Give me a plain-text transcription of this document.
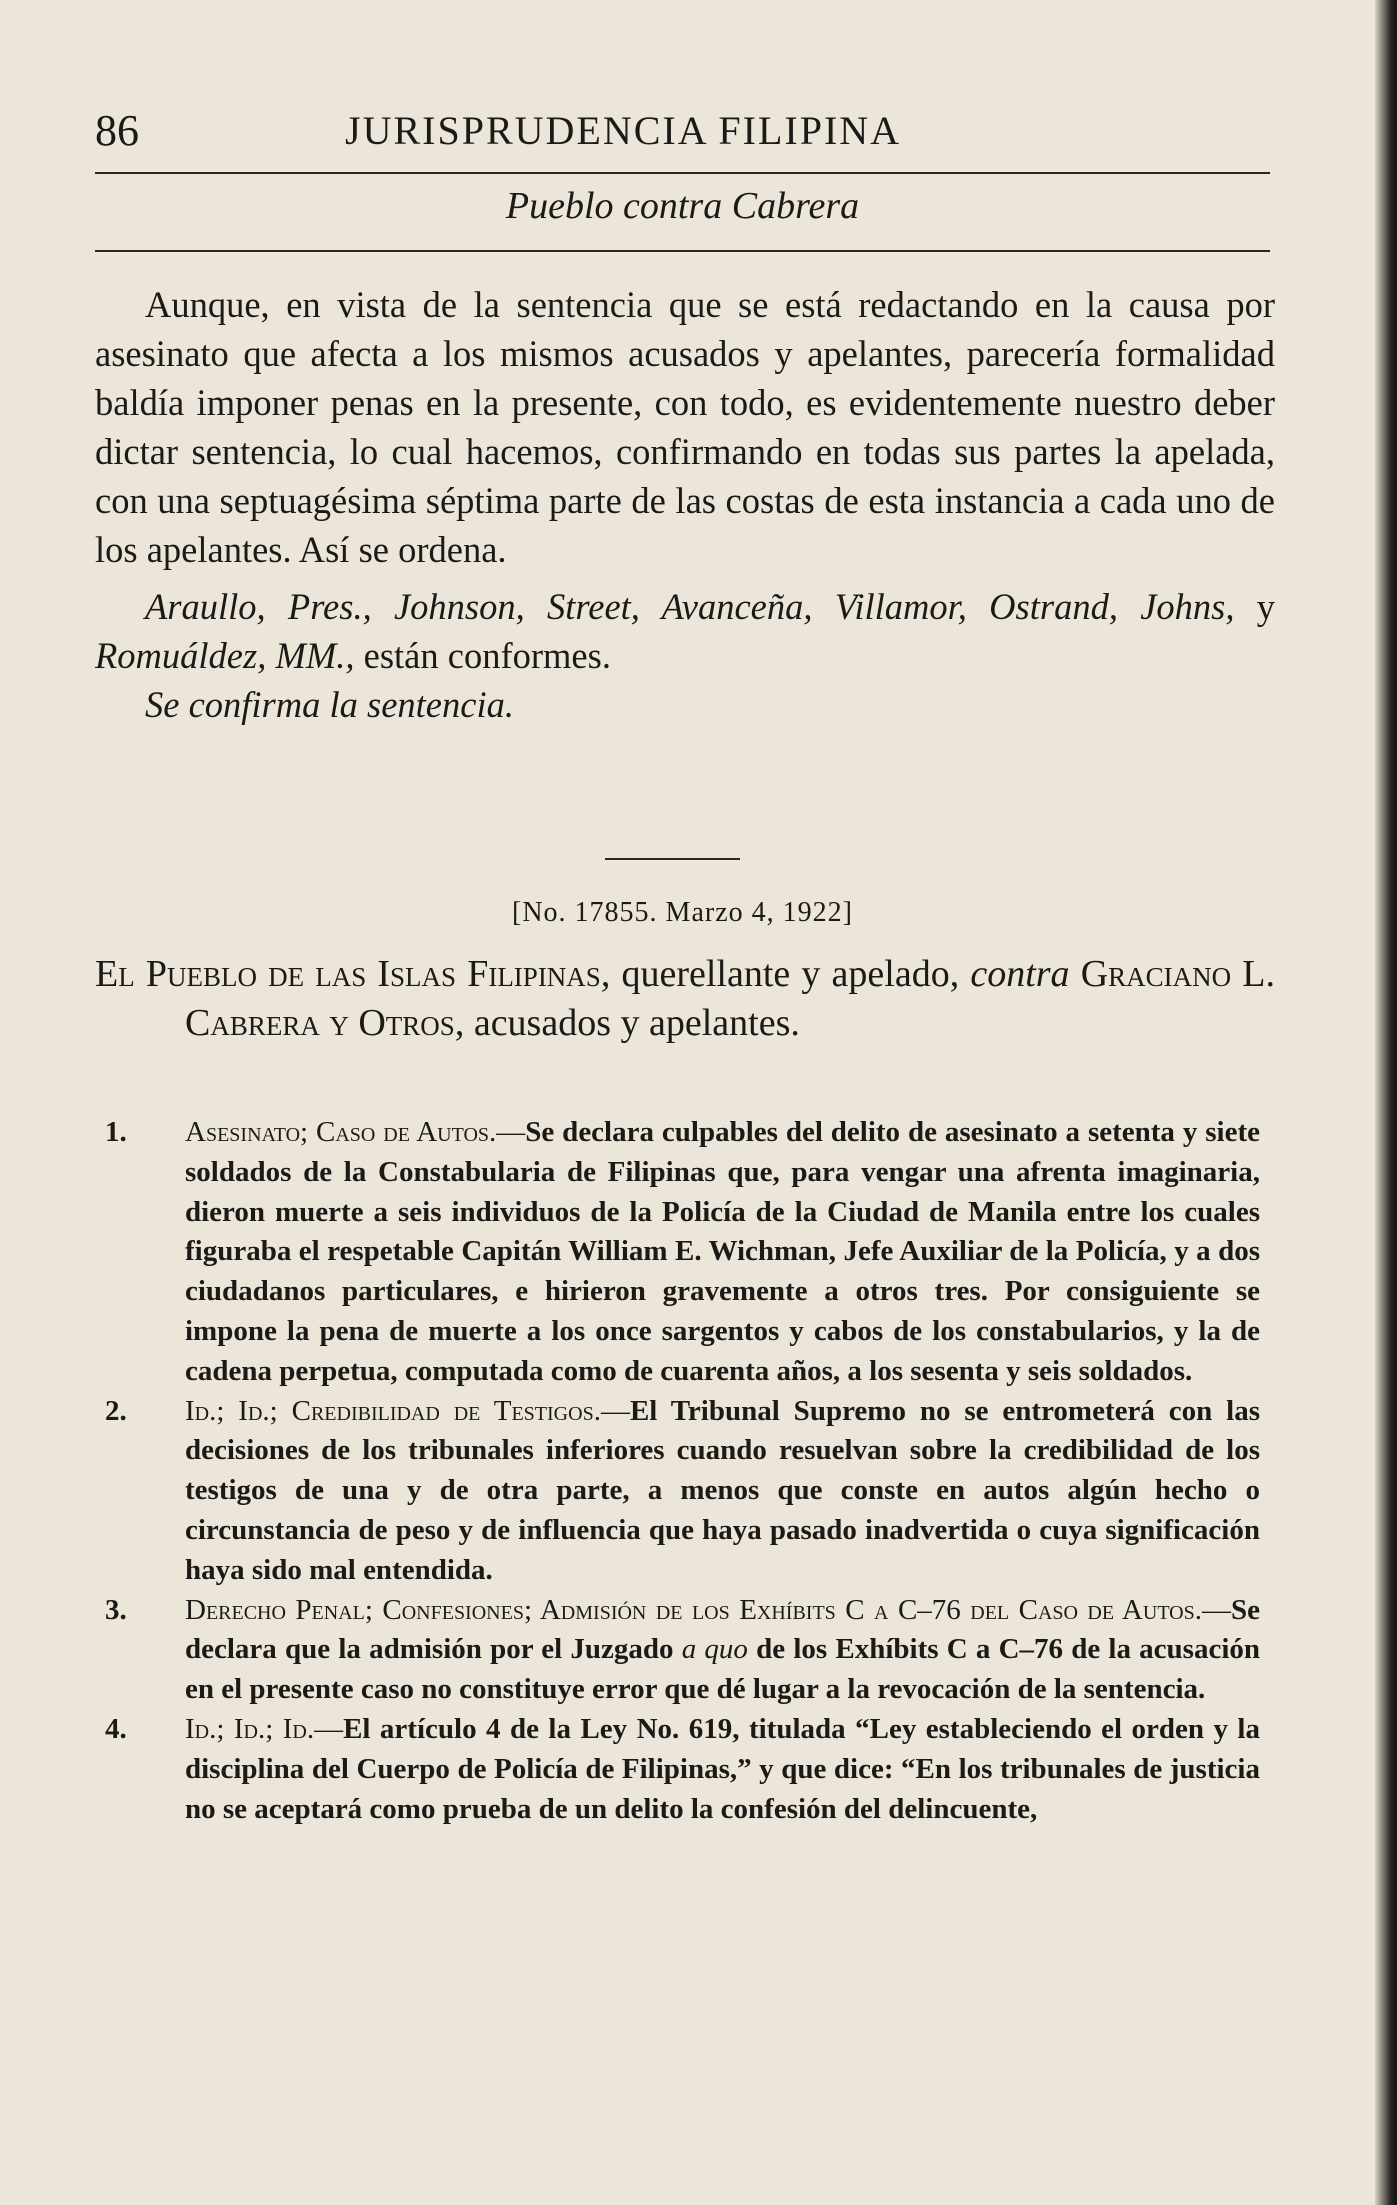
86	JURISPRUDENCIA FILIPINA
Pueblo contra Cabrera

Aunque, en vista de la sentencia que se está redactando en la causa por asesinato que afecta a los mismos acusados y apelantes, parecería formalidad baldía imponer penas en la presente, con todo, es evidentemente nuestro deber dictar sentencia, lo cual hacemos, confirmando en todas sus partes la apelada, con una septuagésima séptima parte de las costas de esta instancia a cada uno de los apelantes. Así se ordena.

Araullo, Pres., Johnson, Street, Avanceña, Villamor, Ostrand, Johns, y Romuáldez, MM., están conformes.

Se confirma la sentencia.

[No. 17855. Marzo 4, 1922]
El Pueblo de las Islas Filipinas, querellante y apelado, contra Graciano L. Cabrera y Otros, acusados y apelantes.

1.	Asesinato; Caso de Autos.—Se declara culpables del delito de asesinato a setenta y siete soldados de la Constabularia de Filipinas que, para vengar una afrenta imaginaria, dieron muerte a seis individuos de la Policía de la Ciudad de Manila entre los cuales figuraba el respetable Capitán William E. Wichman, Jefe Auxiliar de la Policía, y a dos ciudadanos particulares, e hirieron gravemente a otros tres. Por consiguiente se impone la pena de muerte a los once sargentos y cabos de los constabularios, y la de cadena perpetua, computada como de cuarenta años, a los sesenta y seis soldados.

2.	Id.; Id.; Credibilidad de Testigos.—El Tribunal Supremo no se entrometerá con las decisiones de los tribunales inferiores cuando resuelvan sobre la credibilidad de los testigos de una y de otra parte, a menos que conste en autos algún hecho o circunstancia de peso y de influencia que haya pasado inadvertida o cuya significación haya sido mal entendida.

3.	Derecho Penal; Confesiones; Admisión de los Exhíbits C a C–76 del Caso de Autos.—Se declara que la admisión por el Juzgado a quo de los Exhíbits C a C–76 de la acusación en el presente caso no constituye error que dé lugar a la revocación de la sentencia.

4.	Id.; Id.; Id.—El artículo 4 de la Ley No. 619, titulada “Ley estableciendo el orden y la disciplina del Cuerpo de Policía de Filipinas,” y que dice: “En los tribunales de justicia no se aceptará como prueba de un delito la confesión del delincuente,
